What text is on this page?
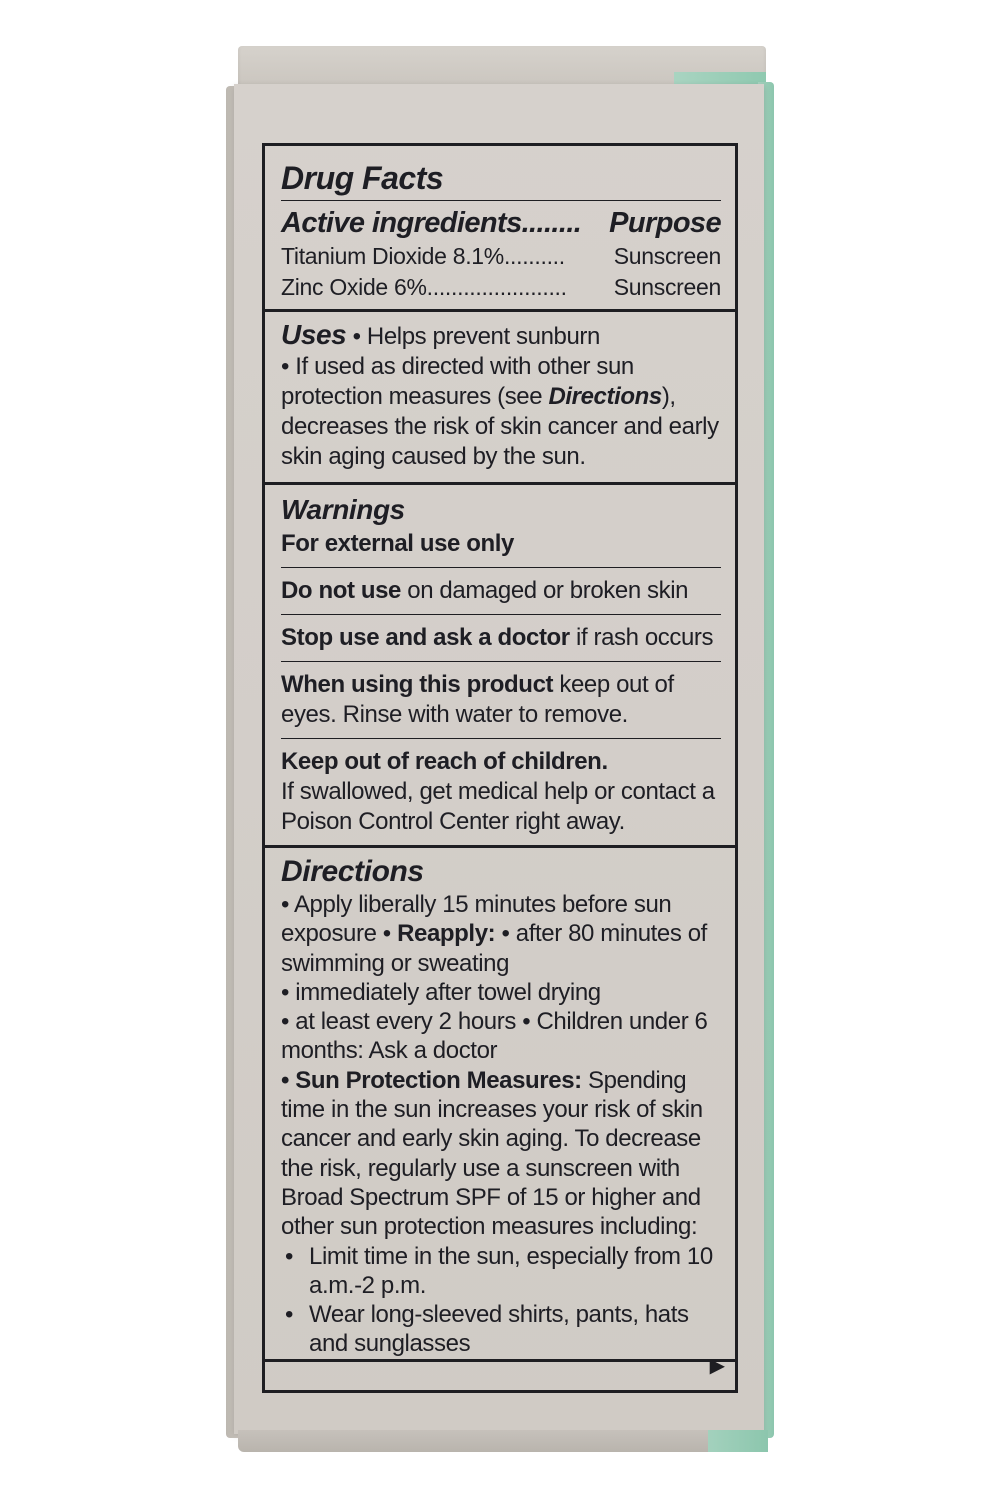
Drug Facts
Active ingredients........ Purpose
Titanium Dioxide 8.1%.......... Sunscreen
Zinc Oxide 6%....................... Sunscreen

Uses • Helps prevent sunburn

• If used as directed with other sun protection measures (see Directions), decreases the risk of skin cancer and early skin aging caused by the sun.

Warnings
For external use only
Do not use on damaged or broken skin
Stop use and ask a doctor if rash occurs
When using this product keep out of eyes. Rinse with water to remove.
Keep out of reach of children.
If swallowed, get medical help or contact a Poison Control Center right away.
Directions

• Apply liberally 15 minutes before sun exposure • Reapply: • after 80 minutes of swimming or sweating

• immediately after towel drying

• at least every 2 hours • Children under 6 months: Ask a doctor

• Sun Protection Measures: Spending time in the sun increases your risk of skin cancer and early skin aging. To decrease the risk, regularly use a sunscreen with Broad Spectrum SPF of 15 or higher and other sun protection measures including:

• Limit time in the sun, especially from 10 a.m.-2 p.m.
• Wear long-sleeved shirts, pants, hats and sunglasses
▶
